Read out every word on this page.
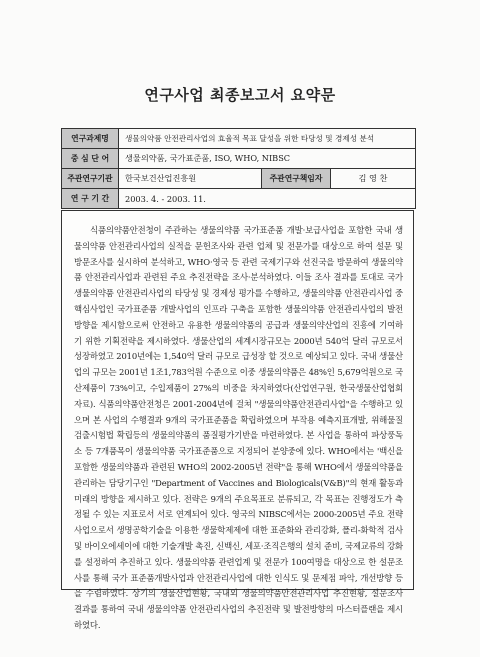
연구사업 최종보고서 요약문
연구과제명	생물의약품 안전관리사업의 효율적 목표 달성을 위한 타당성 및 경제성 분석		
중 심 단 어	생물의약품, 국가표준품, ISO, WHO, NIBSC		
주관연구기관	한국보건산업진흥원	주관연구책임자	김 영 찬
연 구 기 간	2003. 4. - 2003. 11.		

식품의약품안전청이 주관하는 생물의약품 국가표준품 개발·보급사업을 포함한 국내 생물의약품 안전관리사업의 실적을 문헌조사와 관련 업체 및 전문가를 대상으로 하여 설문 및 방문조사를 실시하여 분석하고, WHO·영국 등 관련 국제기구와 선진국을 방문하여 생물의약품 안전관리사업과 관련된 주요 추진전략을 조사·분석하였다. 이들 조사 결과를 토대로 국가 생물의약품 안전관리사업의 타당성 및 경제성 평가를 수행하고, 생물의약품 안전관리사업 중 핵심사업인 국가표준품 개발사업의 인프라 구축을 포함한 생물의약품 안전관리사업의 발전방향을 제시함으로써 안전하고 유용한 생물의약품의 공급과 생물의약산업의 진흥에 기여하기 위한 기획전략을 제시하였다. 생물산업의 세계시장규모는 2000년 540억 달러 규모로서 성장하였고 2010년에는 1,540억 달러 규모로 급성장 할 것으로 예상되고 있다. 국내 생물산업의 규모는 2001년 1조1,783억원 수준으로 이중 생물의약품은 48%인 5,679억원으로 국산제품이 73%이고, 수입제품이 27%의 비중을 차지하였다(산업연구원, 한국생물산업협회자료). 식품의약품안전청은 2001-2004년에 걸쳐 "생물의약품안전관리사업"을 수행하고 있으며 본 사업의 수행결과 9개의 국가표준품을 확립하였으며 부작용 예측지표개발, 위해물질검출시험법 확립등의 생물의약품의 품질평가기반을 마련하였다. 본 사업을 통하여 파상풍독소 등 7개품목이 생물의약품 국가표준품으로 지정되어 분양중에 있다. WHO에서는 '백신을 포함한 생물의약품과 관련된 WHO의 2002-2005년 전략"을 통해 WHO에서 생물의약품을 관리하는 담당기구인 "Department of Vaccines and Biologicals(V&B)"의 현재 활동과 미래의 방향을 제시하고 있다. 전략은 9개의 주요목표로 분류되고, 각 목표는 진행정도가 측정될 수 있는 지표로서 서로 연계되어 있다. 영국의 NIBSC에서는 2000-2005년 주요 전략사업으로서 생명공학기술을 이용한 생물학제제에 대한 표준화와 관리강화, 폴리-화학적 검사 및 바이오에세이에 대한 기술개발 촉진, 신백신, 세포·조직은행의 설치 준비, 국제교류의 강화를 설정하여 추진하고 있다. 생물의약품 관련업계 및 전문가 100여명을 대상으로 한 설문조사를 통해 국가 표준품개발사업과 안전관리사업에 대한 인식도 및 문제점 파악, 개선방향 등을 수렴하였다. 상기의 생물산업현황, 국내외 생물의약품안전관리사업 추진현황, 설문조사 결과를 통하여 국내 생물의약품 안전관리사업의 추진전략 및 발전방향의 마스터플랜을 제시하였다.
